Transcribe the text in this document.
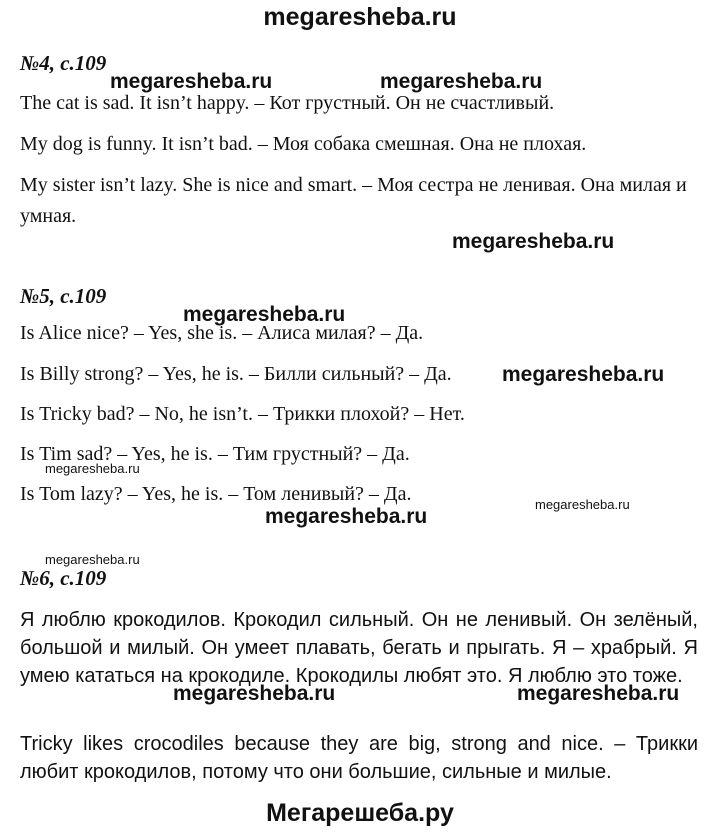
megaresheba.ru
№4, с.109
The cat is sad. It isn’t happy. – Кот грустный. Он не счастливый.
My dog is funny. It isn’t bad. – Моя собака смешная. Она не плохая.
My sister isn’t lazy. She is nice and smart. – Моя сестра не ленивая. Она милая и умная.
№5, с.109
Is Alice nice? – Yes, she is. – Алиса милая? – Да.
Is Billy strong? – Yes, he is. – Билли сильный? – Да.
Is Tricky bad? – No, he isn’t. – Трикки плохой? – Нет.
Is Tim sad? – Yes, he is. – Тим грустный? – Да.
Is Tom lazy? – Yes, he is. – Том ленивый? – Да.
№6, с.109
Я люблю крокодилов. Крокодил сильный. Он не ленивый. Он зелёный, большой и милый. Он умеет плавать, бегать и прыгать. Я – храбрый. Я умею кататься на крокодиле. Крокодилы любят это. Я люблю это тоже.
Tricky likes crocodiles because they are big, strong and nice. – Трикки любит крокодилов, потому что они большие, сильные и милые.
megaresheba.ru	megaresheba.ru
megaresheba.ru
megaresheba.ru
megaresheba.ru
megaresheba.ru
megaresheba.ru
megaresheba.ru
megaresheba.ru
megaresheba.ru	megaresheba.ru
Мегарешеба.ру
